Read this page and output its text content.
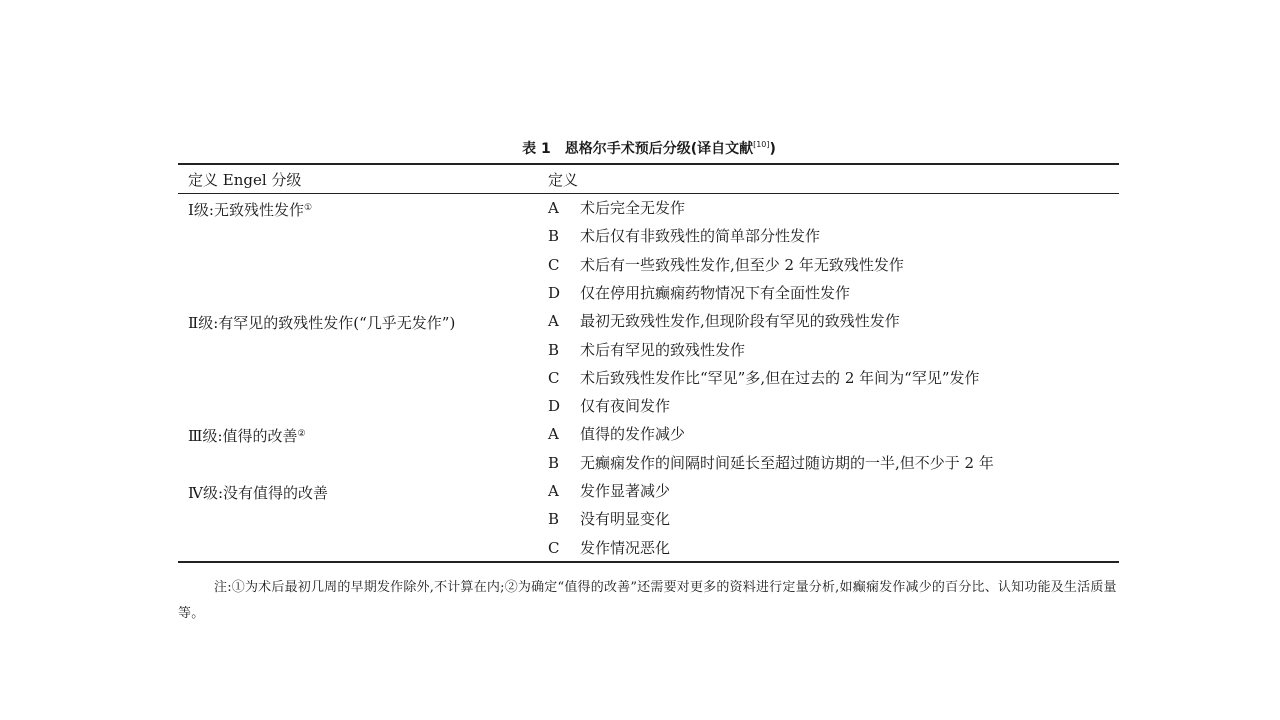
表 1　恩格尔手术预后分级(译自文献[10])
定义 Engel 分级	定义
Ⅰ级:无致残性发作①	A	术后完全无发作
B	术后仅有非致残性的简单部分性发作
C	术后有一些致残性发作,但至少 2 年无致残性发作
D	仅在停用抗癫痫药物情况下有全面性发作
Ⅱ级:有罕见的致残性发作(“几乎无发作”)	A	最初无致残性发作,但现阶段有罕见的致残性发作
B	术后有罕见的致残性发作
C	术后致残性发作比“罕见”多,但在过去的 2 年间为“罕见”发作
D	仅有夜间发作
Ⅲ级:值得的改善②	A	值得的发作减少
B	无癫痫发作的间隔时间延长至超过随访期的一半,但不少于 2 年
Ⅳ级:没有值得的改善	A	发作显著减少
B	没有明显变化
C	发作情况恶化
注:①为术后最初几周的早期发作除外,不计算在内;②为确定“值得的改善”还需要对更多的资料进行定量分析,如癫痫发作减少的百分比、认知功能及生活质量等。
